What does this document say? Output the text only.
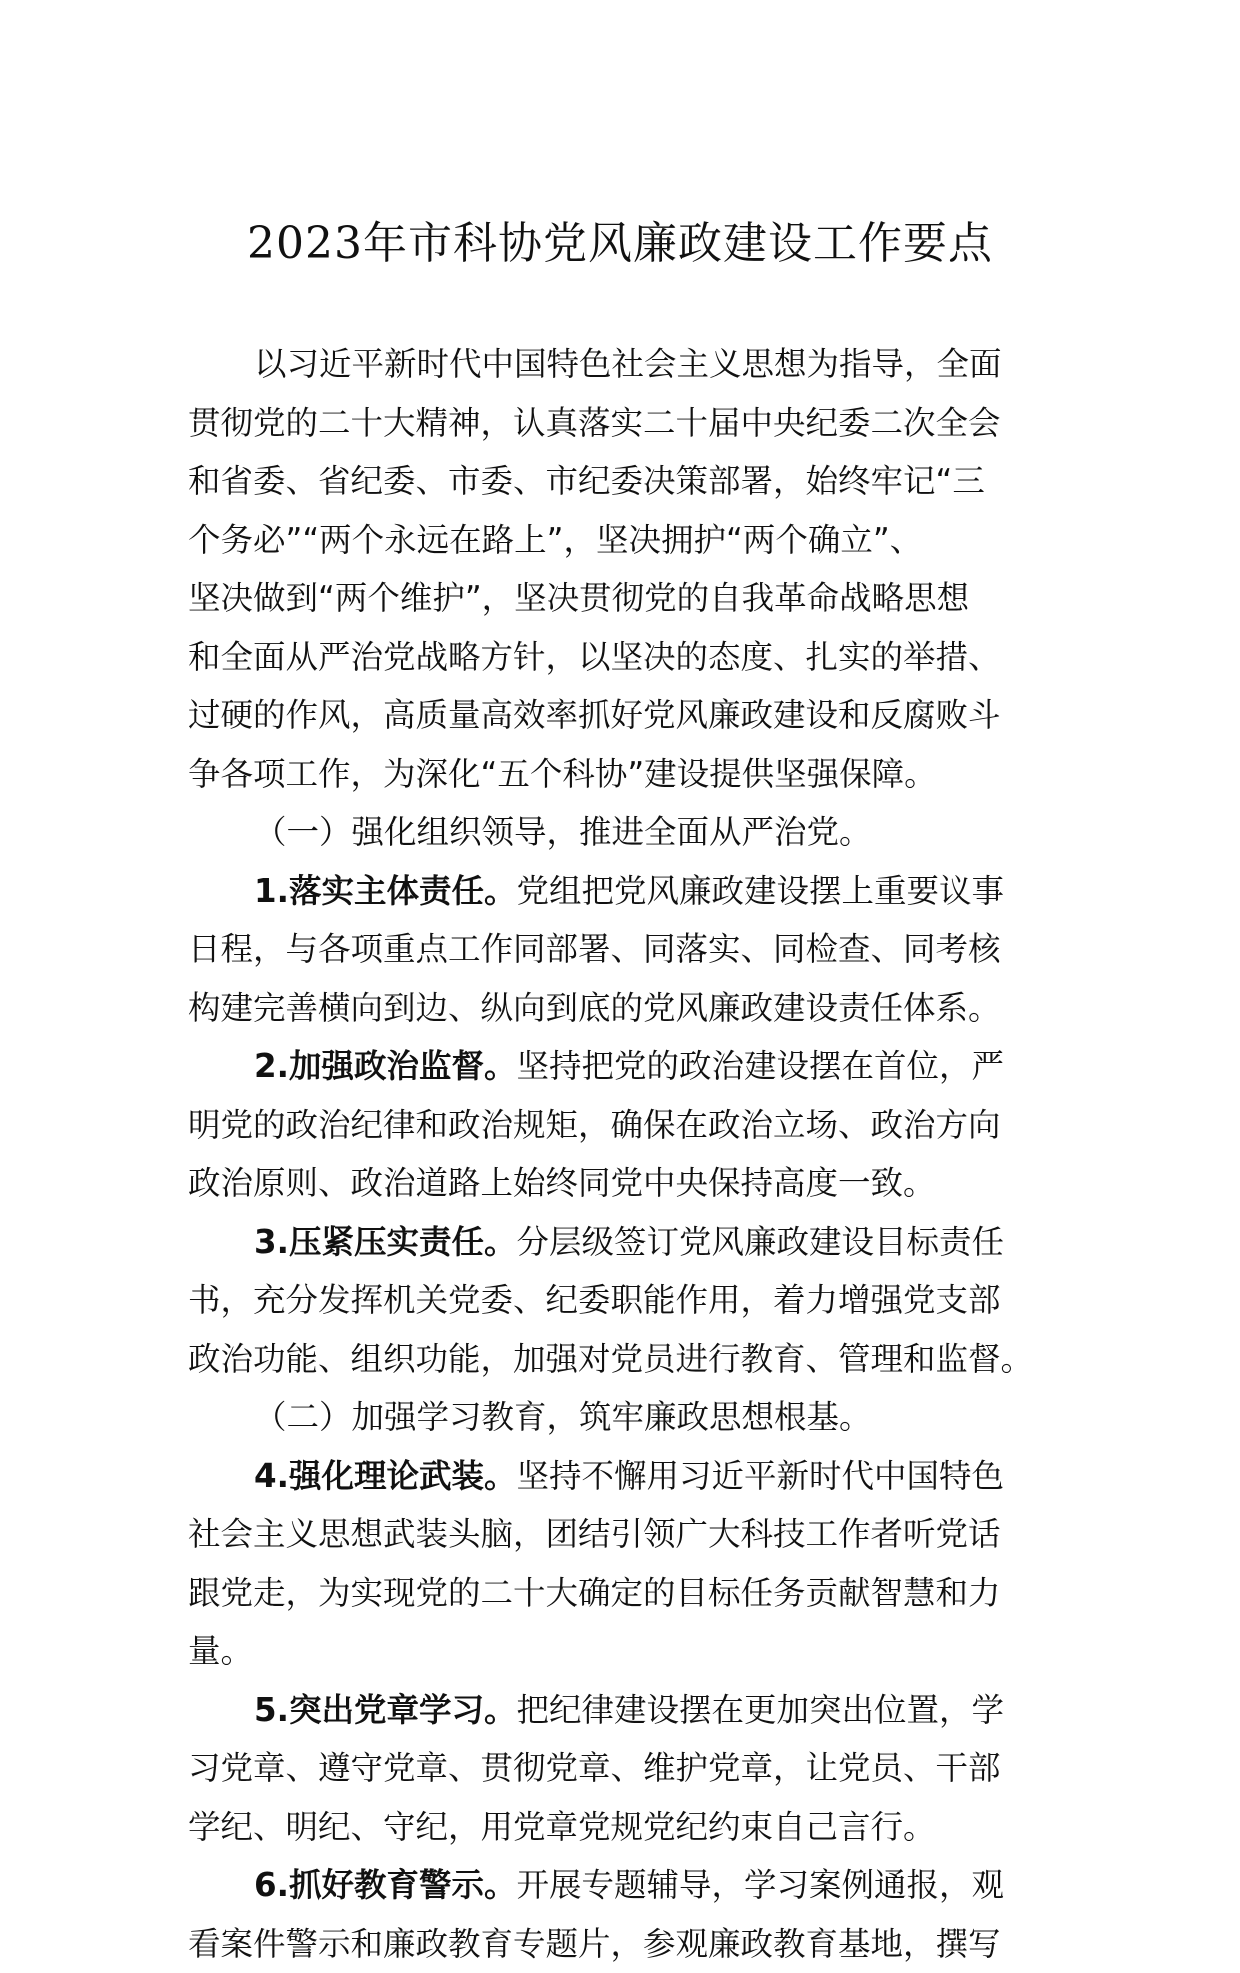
2023年市科协党风廉政建设工作要点
以习近平新时代中国特色社会主义思想为指导，全面
贯彻党的二十大精神，认真落实二十届中央纪委二次全会
和省委、省纪委、市委、市纪委决策部署，始终牢记“三
个务必”“两个永远在路上”，坚决拥护“两个确立”、
坚决做到“两个维护”，坚决贯彻党的自我革命战略思想
和全面从严治党战略方针，以坚决的态度、扎实的举措、
过硬的作风，高质量高效率抓好党风廉政建设和反腐败斗
争各项工作，为深化“五个科协”建设提供坚强保障。
（一）强化组织领导，推进全面从严治党。
1.落实主体责任。党组把党风廉政建设摆上重要议事
日程，与各项重点工作同部署、同落实、同检查、同考核
构建完善横向到边、纵向到底的党风廉政建设责任体系。
2.加强政治监督。坚持把党的政治建设摆在首位，严
明党的政治纪律和政治规矩，确保在政治立场、政治方向
政治原则、政治道路上始终同党中央保持高度一致。
3.压紧压实责任。分层级签订党风廉政建设目标责任
书，充分发挥机关党委、纪委职能作用，着力增强党支部
政治功能、组织功能，加强对党员进行教育、管理和监督。
（二）加强学习教育，筑牢廉政思想根基。
4.强化理论武装。坚持不懈用习近平新时代中国特色
社会主义思想武装头脑，团结引领广大科技工作者听党话
跟党走，为实现党的二十大确定的目标任务贡献智慧和力
量。
5.突出党章学习。把纪律建设摆在更加突出位置，学
习党章、遵守党章、贯彻党章、维护党章，让党员、干部
学纪、明纪、守纪，用党章党规党纪约束自己言行。
6.抓好教育警示。开展专题辅导，学习案例通报，观
看案件警示和廉政教育专题片，参观廉政教育基地，撰写
